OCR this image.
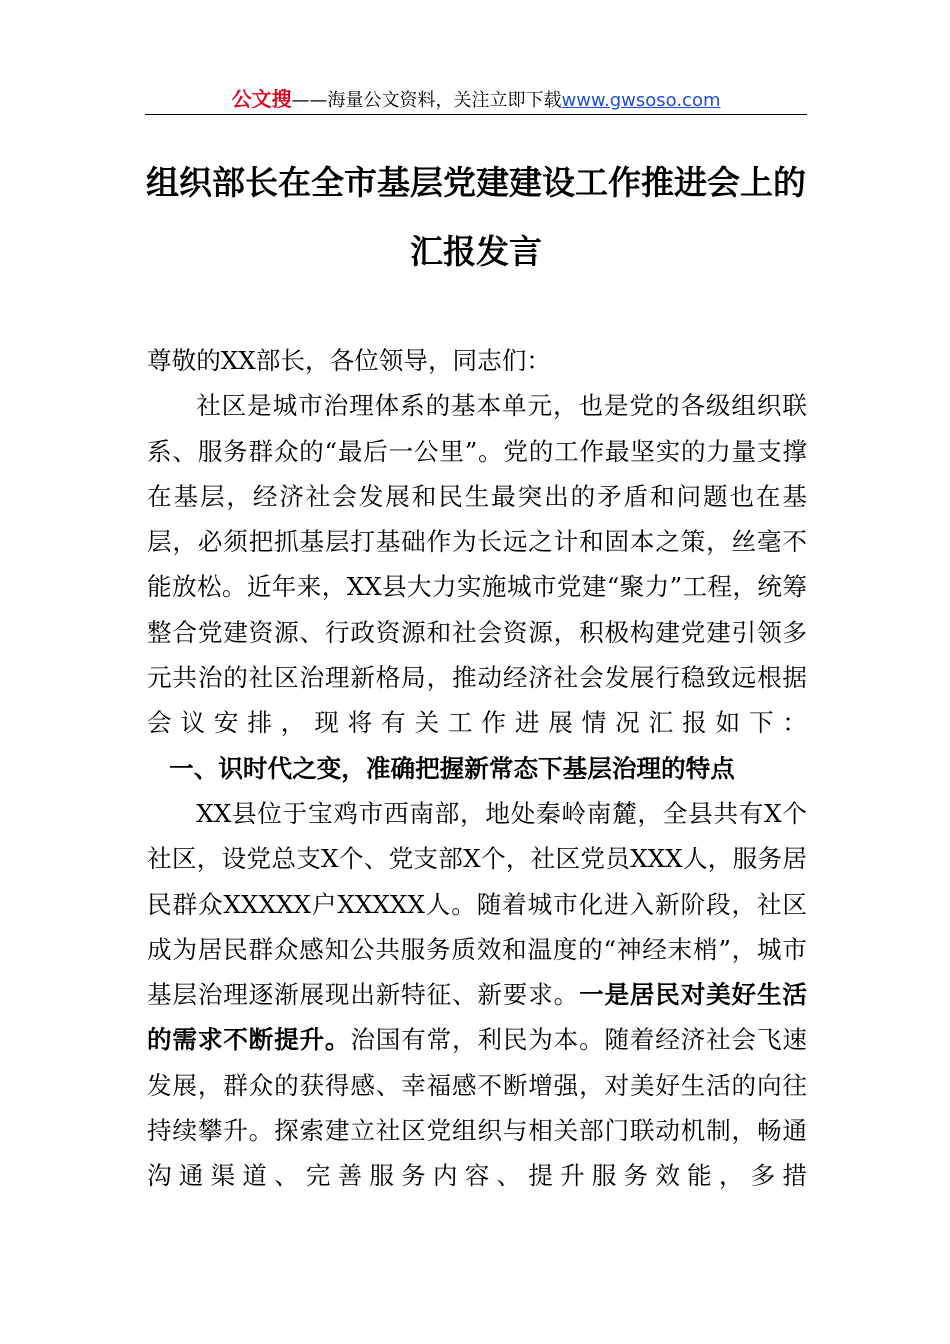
公文搜——海量公文资料，关注立即下载www.gwsoso.com
组织部长在全市基层党建建设工作推进会上的汇报发言

尊敬的XX部长，各位领导，同志们：

社区是城市治理体系的基本单元，也是党的各级组织联系、服务群众的“最后一公里”。党的工作最坚实的力量支撑在基层，经济社会发展和民生最突出的矛盾和问题也在基层，必须把抓基层打基础作为长远之计和固本之策，丝毫不能放松。近年来，XX县大力实施城市党建“聚力”工程，统筹整合党建资源、行政资源和社会资源，积极构建党建引领多元共治的社区治理新格局，推动经济社会发展行稳致远根据会议安排，现将有关工作进展情况汇报如下：

一、识时代之变，准确把握新常态下基层治理的特点

XX县位于宝鸡市西南部，地处秦岭南麓，全县共有X个社区，设党总支X个、党支部X个，社区党员XXX人，服务居民群众XXXXX户XXXXX人。随着城市化进入新阶段，社区成为居民群众感知公共服务质效和温度的“神经末梢”，城市基层治理逐渐展现出新特征、新要求。一是居民对美好生活的需求不断提升。治国有常，利民为本。随着经济社会飞速发展，群众的获得感、幸福感不断增强，对美好生活的向往持续攀升。探索建立社区党组织与相关部门联动机制，畅通沟通渠道、完善服务内容、提升服务效能，多措
